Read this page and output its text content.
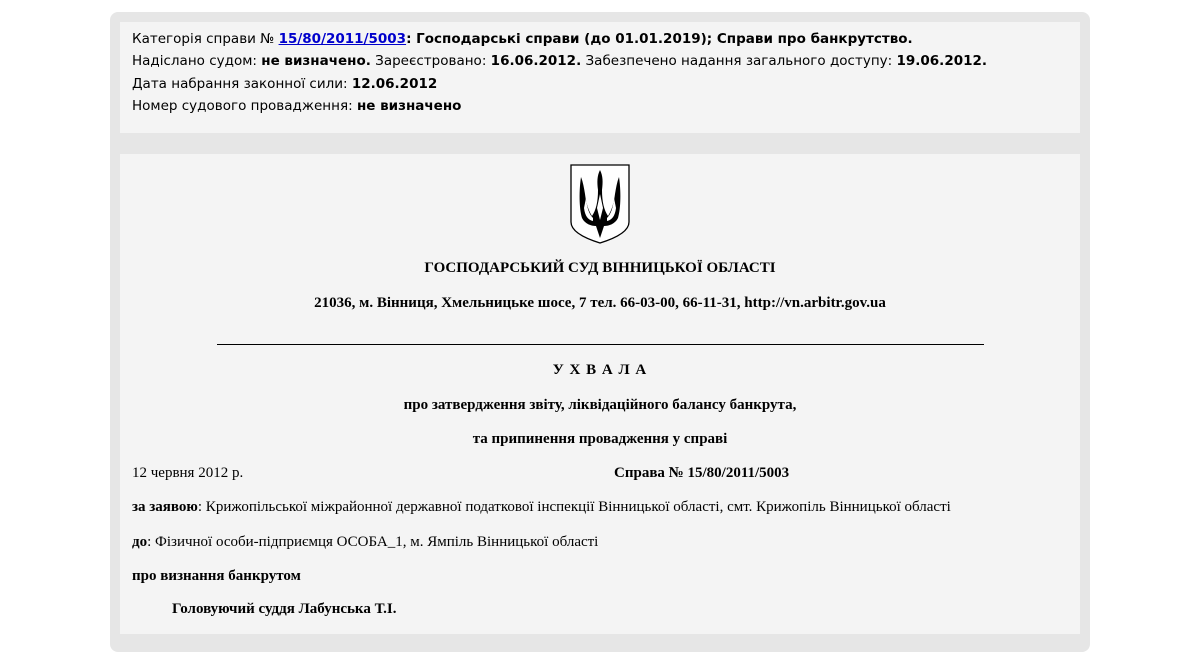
Категорія справи № 15/80/2011/5003: Господарські справи (до 01.01.2019); Справи про банкрутство.
Надіслано судом: не визначено. Зареєстровано: 16.06.2012. Забезпечено надання загального доступу: 19.06.2012.
Дата набрання законної сили: 12.06.2012
Номер судового провадження: не визначено
ГОСПОДАРСЬКИЙ СУД ВІННИЦЬКОЇ ОБЛАСТІ
21036, м. Вінниця, Хмельницьке шосе, 7 тел. 66-03-00, 66-11-31, http://vn.arbitr.gov.ua
У Х В А Л А
про затвердження звіту, ліквідаційного балансу банкрута,
та припинення провадження у справі
12 червня 2012 р.	Справа № 15/80/2011/5003
за заявою: Крижопільської міжрайонної державної податкової інспекції Вінницької області, смт. Крижопіль Вінницької області
до: Фізичної особи-підприємця ОСОБА_1, м. Ямпіль Вінницької області
про визнання банкрутом
Головуючий суддя Лабунська Т.І.
